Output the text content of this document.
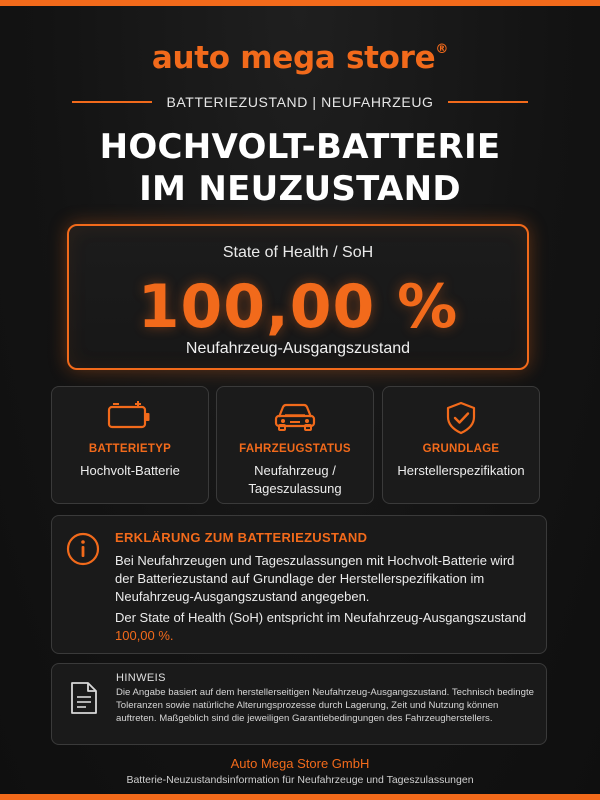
auto mega store®
BATTERIEZUSTAND | NEUFAHRZEUG
HOCHVOLT-BATTERIE
IM NEUZUSTAND
State of Health / SoH
100,00 %
Neufahrzeug-Ausgangszustand
BATTERIETYP
Hochvolt-Batterie
FAHRZEUGSTATUS
Neufahrzeug /
Tageszulassung
GRUNDLAGE
Herstellerspezifikation
ERKLÄRUNG ZUM BATTERIEZUSTAND
Bei Neufahrzeugen und Tageszulassungen mit Hochvolt-Batterie wird der Batteriezustand auf Grundlage der Herstellerspezifikation im Neufahrzeug-Ausgangszustand angegeben.
Der State of Health (SoH) entspricht im Neufahrzeug-Ausgangszustand
100,00 %.
HINWEIS

Die Angabe basiert auf dem herstellerseitigen Neufahrzeug-Ausgangszustand. Technisch bedingte Toleranzen sowie natürliche Alterungsprozesse durch Lagerung, Zeit und Nutzung können auftreten. Maßgeblich sind die jeweiligen Garantiebedingungen des Fahrzeugherstellers.

Auto Mega Store GmbH
Batterie-Neuzustandsinformation für Neufahrzeuge und Tageszulassungen
